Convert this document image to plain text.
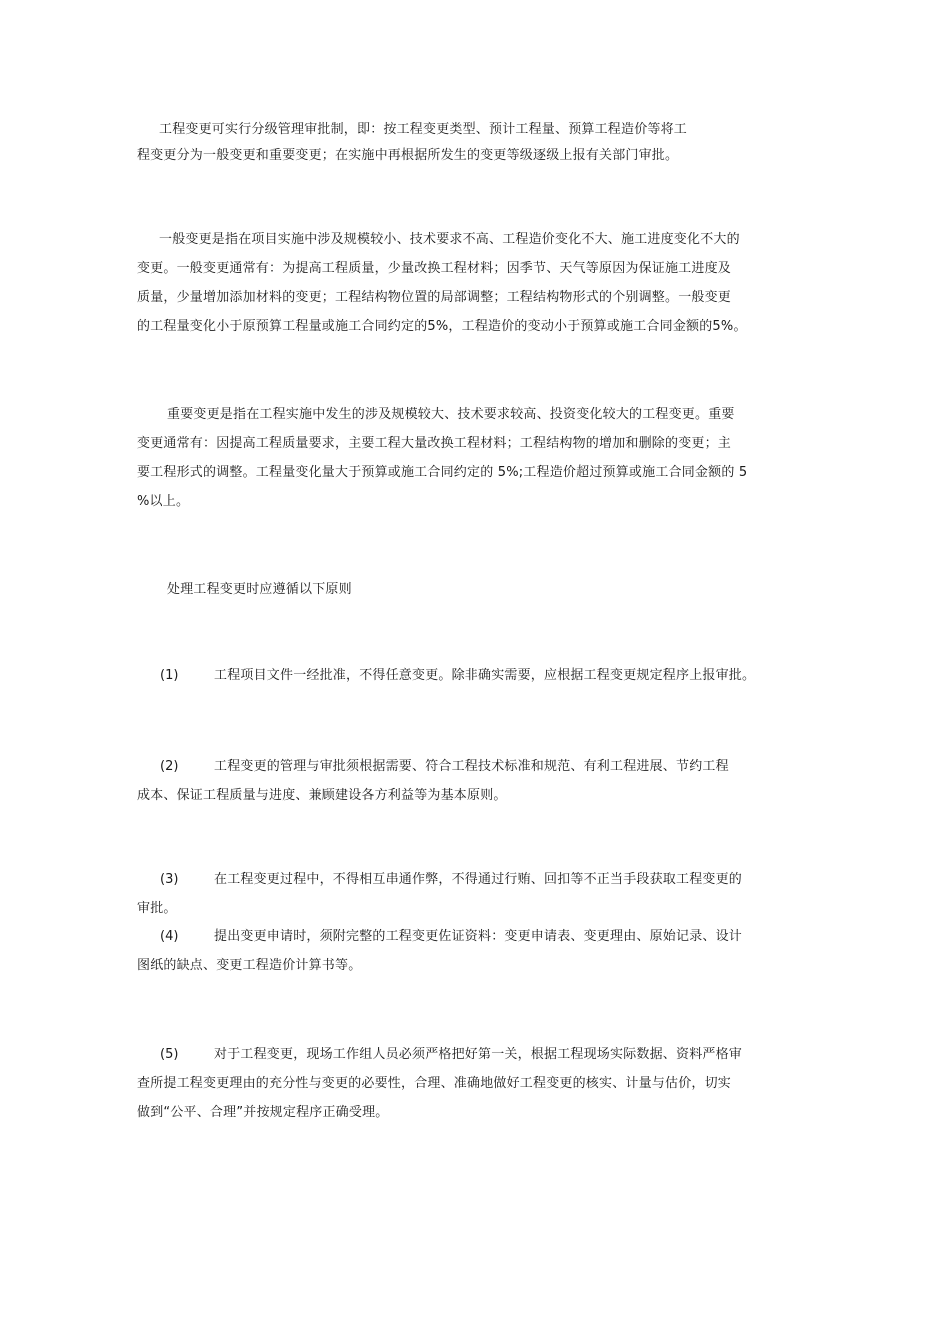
工程变更可实行分级管理审批制，即：按工程变更类型、预计工程量、预算工程造价等将工
程变更分为一般变更和重要变更；在实施中再根据所发生的变更等级逐级上报有关部门审批。
一般变更是指在项目实施中涉及规模较小、技术要求不高、工程造价变化不大、施工进度变化不大的
变更。一般变更通常有：为提高工程质量，少量改换工程材料；因季节、天气等原因为保证施工进度及
质量，少量增加添加材料的变更；工程结构物位置的局部调整；工程结构物形式的个别调整。一般变更
的工程量变化小于原预算工程量或施工合同约定的5%，工程造价的变动小于预算或施工合同金额的5%。
重要变更是指在工程实施中发生的涉及规模较大、技术要求较高、投资变化较大的工程变更。重要
变更通常有：因提高工程质量要求，主要工程大量改换工程材料；工程结构物的增加和删除的变更；主
要工程形式的调整。工程量变化量大于预算或施工合同约定的 5%;工程造价超过预算或施工合同金额的 5
%以上。
处理工程变更时应遵循以下原则
(1)	工程项目文件一经批准，不得任意变更。除非确实需要，应根据工程变更规定程序上报审批。
(2)	工程变更的管理与审批须根据需要、符合工程技术标准和规范、有利工程进展、节约工程
成本、保证工程质量与进度、兼顾建设各方利益等为基本原则。
(3)	在工程变更过程中，不得相互串通作弊，不得通过行贿、回扣等不正当手段获取工程变更的
审批。
(4)	提出变更申请时，须附完整的工程变更佐证资料：变更申请表、变更理由、原始记录、设计
图纸的缺点、变更工程造价计算书等。
(5)	对于工程变更，现场工作组人员必须严格把好第一关，根据工程现场实际数据、资料严格审
查所提工程变更理由的充分性与变更的必要性，合理、准确地做好工程变更的核实、计量与估价，切实
做到“公平、合理”并按规定程序正确受理。
